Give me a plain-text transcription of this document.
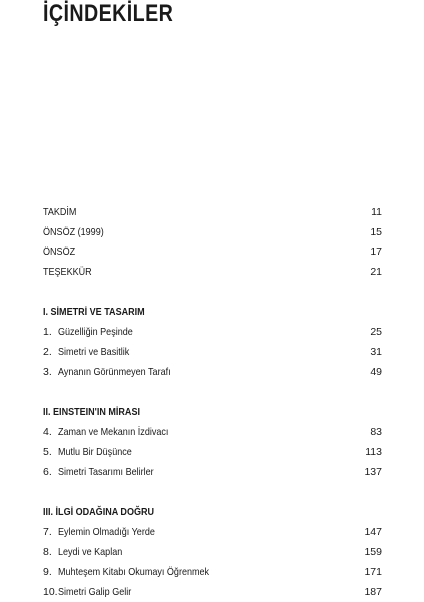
İÇİNDEKİLER
TAKDİM	11
ÖNSÖZ (1999)	15
ÖNSÖZ	17
TEŞEKKÜR	21
I. SİMETRİ VE TASARIM
1. Güzelliğin Peşinde	25
2. Simetri ve Basitlik	31
3. Aynanın Görünmeyen Tarafı	49
II. EINSTEIN'IN MİRASI
4. Zaman ve Mekanın İzdivacı	83
5. Mutlu Bir Düşünce	113
6. Simetri Tasarımı Belirler	137
III. İLGİ ODAĞINA DOĞRU
7. Eylemin Olmadığı Yerde	147
8. Leydi ve Kaplan	159
9. Muhteşem Kitabı Okumayı Öğrenmek	171
10. Simetri Galip Gelir	187
